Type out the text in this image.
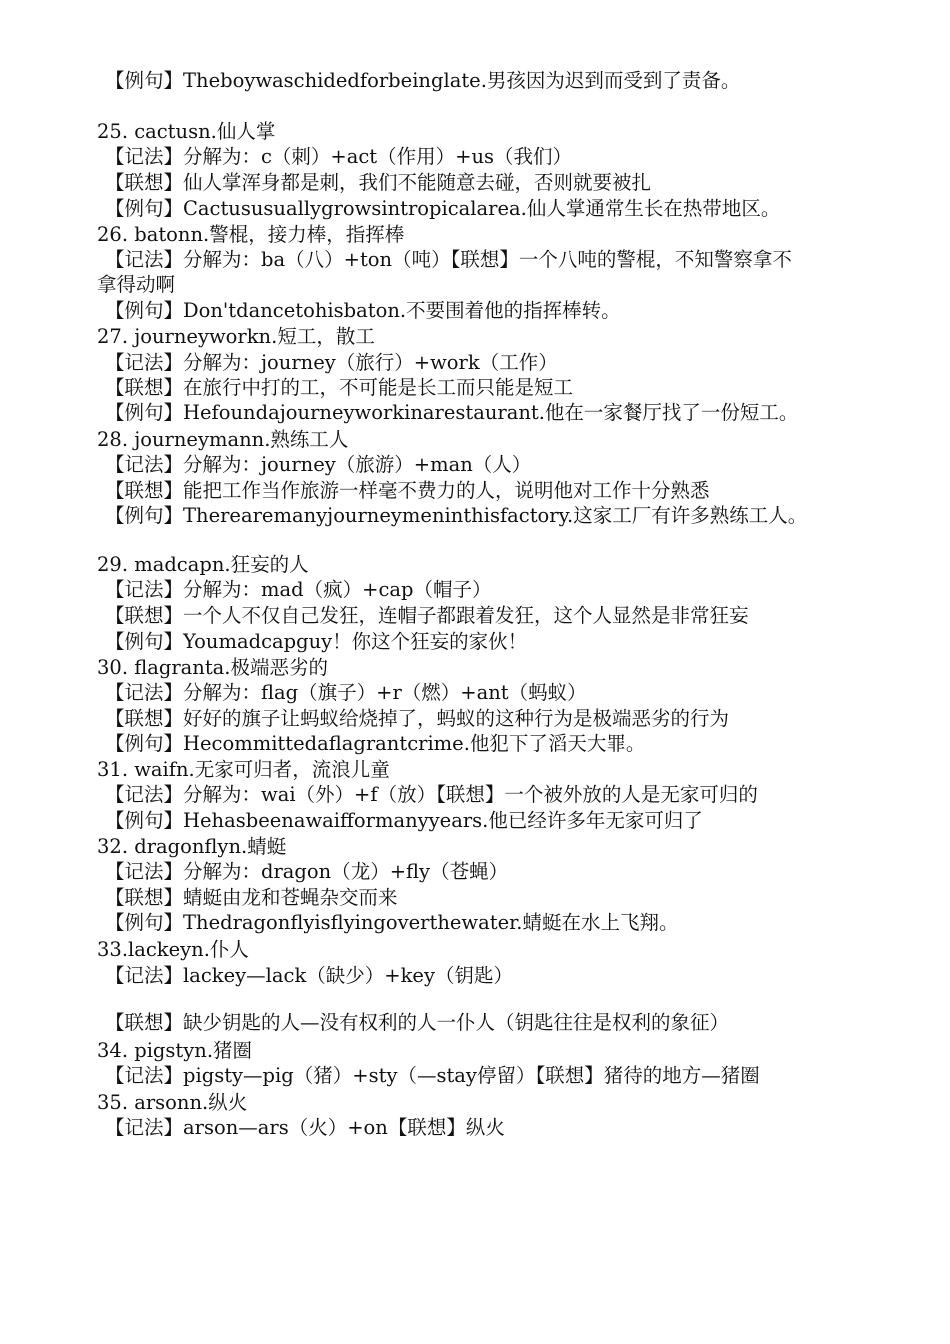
【例句】Theboywaschidedforbeinglate.男孩因为迟到而受到了责备。
25. cactusn.仙人掌
【记法】分解为：c（刺）+act（作用）+us（我们）
【联想】仙人掌浑身都是刺，我们不能随意去碰，否则就要被扎
【例句】Cactususuallygrowsintropicalarea.仙人掌通常生长在热带地区。
26. batonn.警棍，接力棒，指挥棒
【记法】分解为：ba（八）+ton（吨）【联想】一个八吨的警棍，不知警察拿不
拿得动啊
【例句】Don'tdancetohisbaton.不要围着他的指挥棒转。
27. journeyworkn.短工，散工
【记法】分解为：journey（旅行）+work（工作）
【联想】在旅行中打的工，不可能是长工而只能是短工
【例句】Hefoundajourneyworkinarestaurant.他在一家餐厅找了一份短工。
28. journeymann.熟练工人
【记法】分解为：journey（旅游）+man（人）
【联想】能把工作当作旅游一样毫不费力的人，说明他对工作十分熟悉
【例句】Therearemanyjourneymeninthisfactory.这家工厂有许多熟练工人。
29. madcapn.狂妄的人
【记法】分解为：mad（疯）+cap（帽子）
【联想】一个人不仅自己发狂，连帽子都跟着发狂，这个人显然是非常狂妄
【例句】Youmadcapguy！你这个狂妄的家伙！
30. flagranta.极端恶劣的
【记法】分解为：flag（旗子）+r（燃）+ant（蚂蚁）
【联想】好好的旗子让蚂蚁给烧掉了，蚂蚁的这种行为是极端恶劣的行为
【例句】Hecommittedaflagrantcrime.他犯下了滔天大罪。
31. waifn.无家可归者，流浪儿童
【记法】分解为：wai（外）+f（放）【联想】一个被外放的人是无家可归的
【例句】Hehasbeenawaifformanyyears.他已经许多年无家可归了
32. dragonflyn.蜻蜓
【记法】分解为：dragon（龙）+fly（苍蝇）
【联想】蜻蜓由龙和苍蝇杂交而来
【例句】Thedragonflyisflyingoverthewater.蜻蜓在水上飞翔。
33.lackeyn.仆人
【记法】lackey—lack（缺少）+key（钥匙）
【联想】缺少钥匙的人—没有权利的人一仆人（钥匙往往是权利的象征）
34. pigstyn.猪圈
【记法】pigsty—pig（猪）+sty（—stay停留）【联想】猪待的地方—猪圈
35. arsonn.纵火
【记法】arson—ars（火）+on【联想】纵火
